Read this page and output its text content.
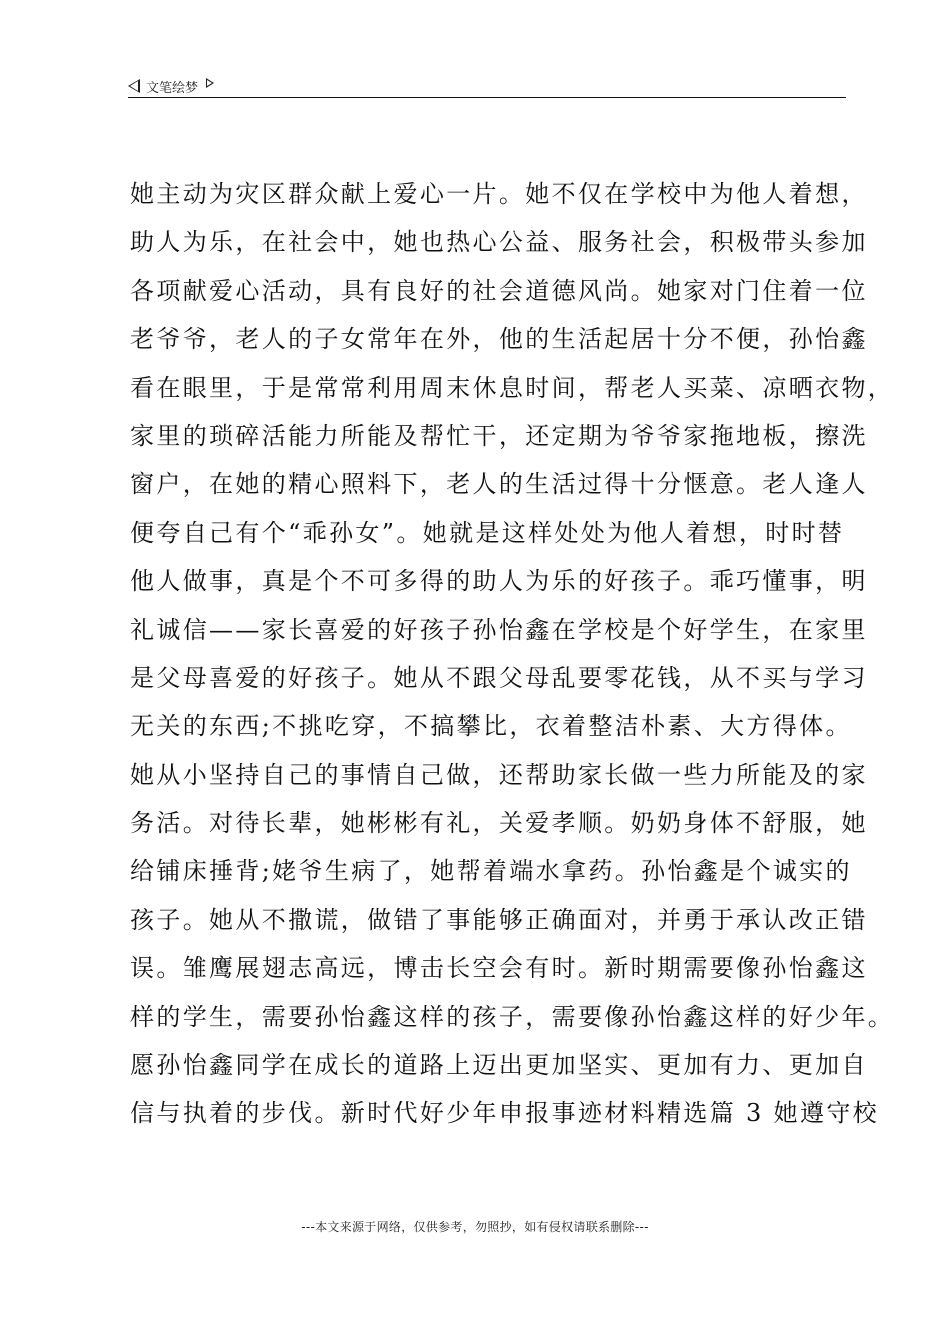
文笔绘梦
她主动为灾区群众献上爱心一片。她不仅在学校中为他人着想，
助人为乐，在社会中，她也热心公益、服务社会，积极带头参加
各项献爱心活动，具有良好的社会道德风尚。她家对门住着一位
老爷爷，老人的子女常年在外，他的生活起居十分不便，孙怡鑫
看在眼里，于是常常利用周末休息时间，帮老人买菜、凉晒衣物，
家里的琐碎活能力所能及帮忙干，还定期为爷爷家拖地板，擦洗
窗户，在她的精心照料下，老人的生活过得十分惬意。老人逢人
便夸自己有个“乖孙女”。她就是这样处处为他人着想，时时替
他人做事，真是个不可多得的助人为乐的好孩子。乖巧懂事，明
礼诚信——家长喜爱的好孩子孙怡鑫在学校是个好学生，在家里
是父母喜爱的好孩子。她从不跟父母乱要零花钱，从不买与学习
无关的东西;不挑吃穿，不搞攀比，衣着整洁朴素、大方得体。
她从小坚持自己的事情自己做，还帮助家长做一些力所能及的家
务活。对待长辈，她彬彬有礼，关爱孝顺。奶奶身体不舒服，她
给铺床捶背;姥爷生病了，她帮着端水拿药。孙怡鑫是个诚实的
孩子。她从不撒谎，做错了事能够正确面对，并勇于承认改正错
误。雏鹰展翅志高远，博击长空会有时。新时期需要像孙怡鑫这
样的学生，需要孙怡鑫这样的孩子，需要像孙怡鑫这样的好少年。
愿孙怡鑫同学在成长的道路上迈出更加坚实、更加有力、更加自
信与执着的步伐。新时代好少年申报事迹材料精选篇 3 她遵守校
---本文来源于网络，仅供参考，勿照抄，如有侵权请联系删除---
